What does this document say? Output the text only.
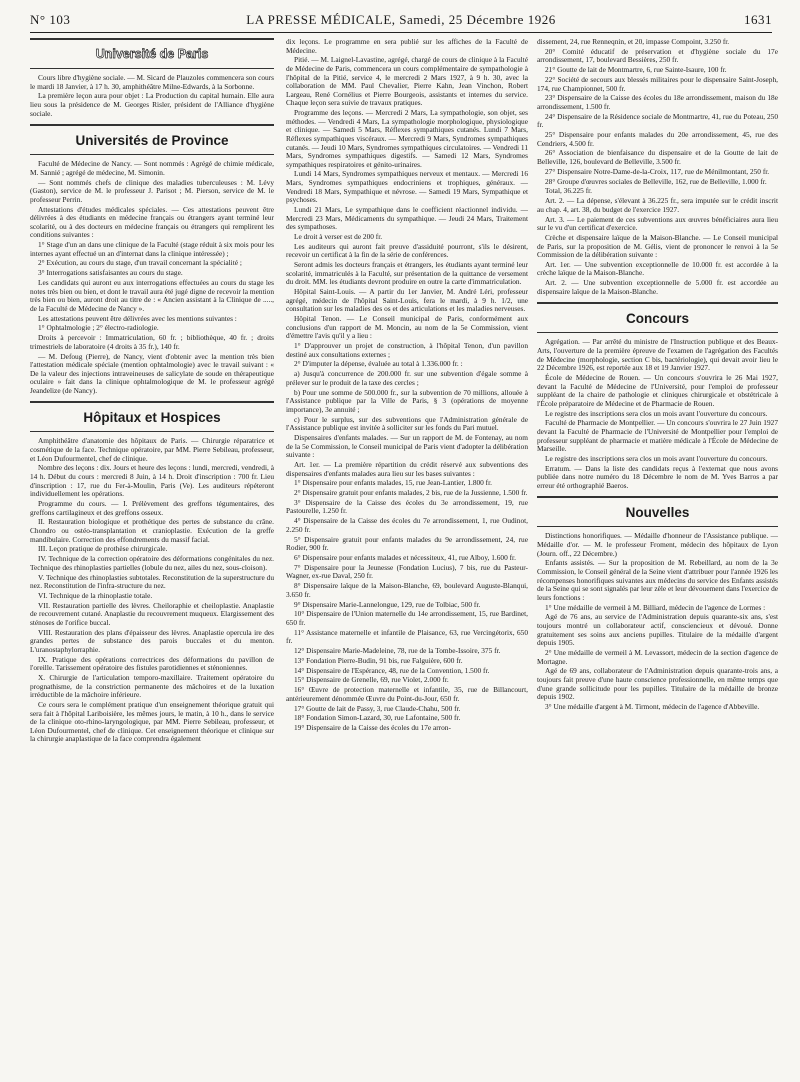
N° 103	LA PRESSE MÉDICALE, Samedi, 25 Décembre 1926	1631
Université de Paris

Cours libre d'hygiène sociale. — M. Sicard de Plauzoles commencera son cours le mardi 18 Janvier, à 17 h. 30, amphithéâtre Milne-Edwards, à la Sorbonne.

La première leçon aura pour objet : La Production du capital humain. Elle aura lieu sous la présidence de M. Georges Risler, président de l'Alliance d'hygiène sociale.

Universités de Province

Faculté de Médecine de Nancy. — Sont nommés : Agrégé de chimie médicale, M. Sannié ; agrégé de médecine, M. Simonin.

— Sont nommés chefs de clinique des maladies tuberculeuses : M. Lévy (Gaston), service de M. le professeur J. Parisot ; M. Pierson, service de M. le professeur Perrin.

Attestations d'études médicales spéciales. — Ces attestations peuvent être délivrées à des étudiants en médecine français ou étrangers ayant terminé leur scolarité, ou à des docteurs en médecine français ou étrangers qui remplirent les conditions suivantes :

1° Stage d'un an dans une clinique de la Faculté (stage réduit à six mois pour les internes ayant effectué un an d'internat dans la clinique intéressée) ;

2° Exécution, au cours du stage, d'un travail concernant la spécialité ;

3° Interrogations satisfaisantes au cours du stage.

Les candidats qui auront eu aux interrogations effectuées au cours du stage les notes très bien ou bien, et dont le travail aura été jugé digne de recevoir la mention très bien ou bien, auront droit au titre de : « Ancien assistant à la Clinique de ....., de la Faculté de Médecine de Nancy ».

Les attestations peuvent être délivrées avec les mentions suivantes :

1° Ophtalmologie ; 2° électro-radiologie.

Droits à percevoir : Immatriculation, 60 fr. ; bibliothèque, 40 fr. ; droits trimestriels de laboratoire (4 droits à 35 fr.), 140 fr.

— M. Defoug (Pierre), de Nancy, vient d'obtenir avec la mention très bien l'attestation médicale spéciale (mention ophtalmologie) avec le travail suivant : « De la valeur des injections intraveineuses de salicylate de soude en thérapeutique oculaire » fait dans la clinique ophtalmologique de M. le professeur agrégé Jeandelize (de Nancy).

Hôpitaux et Hospices

Amphithéâtre d'anatomie des hôpitaux de Paris. — Chirurgie réparatrice et cosmétique de la face. Technique opératoire, par MM. Pierre Sebileau, professeur, et Léon Dufourmentel, chef de clinique.

Nombre des leçons : dix. Jours et heure des leçons : lundi, mercredi, vendredi, à 14 h. Début du cours : mercredi 8 Juin, à 14 h. Droit d'inscription : 700 fr. Lieu d'inscription : 17, rue du Fer-à-Moulin, Paris (Ve). Les auditeurs répéteront individuellement les opérations.

Programme du cours. — I. Prélèvement des greffons tégumentaires, des greffons cartilagineux et des greffons osseux.

II. Restauration biologique et prothétique des pertes de substance du crâne. Chondro ou ostéo-transplantation et cranioplastie. Exécution de la greffe mandibulaire. Correction des effondrements du massif facial.

III. Leçon pratique de prothèse chirurgicale.

IV. Technique de la correction opératoire des déformations congénitales du nez. Technique des rhinoplasties partielles (lobule du nez, ailes du nez, sous-cloison).

V. Technique des rhinoplasties subtotales. Reconstitution de la superstructure du nez. Reconstitution de l'infra-structure du nez.

VI. Technique de la rhinoplastie totale.

VII. Restauration partielle des lèvres. Cheiloraphie et cheiloplastie. Anaplastie de recouvrement cutané. Anaplastie du recouvrement muqueux. Elargissement des sténoses de l'orifice buccal.

VIII. Restauration des plans d'épaisseur des lèvres. Anaplastie opercula ire des grandes pertes de substance des parois buccales et du menton. L'uranostaphylorraphie.

IX. Pratique des opérations correctrices des déformations du pavillon de l'oreille. Tarissement opératoire des fistules parotidiennes et sténoniennes.

X. Chirurgie de l'articulation temporo-maxillaire. Traitement opératoire du prognathisme, de la constriction permanente des mâchoires et de la luxation irréductible de la mâchoire inférieure.

Ce cours sera le complément pratique d'un enseignement théorique gratuit qui sera fait à l'hôpital Lariboisière, les mêmes jours, le matin, à 10 h., dans le service de la clinique oto-rhino-laryngologique, par MM. Pierre Sebileau, professeur, et Léon Dufourmentel, chef de clinique. Cet enseignement théorique et clinique sur la chirurgie anaplastique de la face comprendra également

dix leçons. Le programme en sera publié sur les affiches de la Faculté de Médecine.

Pitié. — M. Laignel-Lavastine, agrégé, chargé de cours de clinique à la Faculté de Médecine de Paris, commencera un cours complémentaire de sympathologie à l'hôpital de la Pitié, service 4, le mercredi 2 Mars 1927, à 9 h. 30, avec la collaboration de MM. Paul Chevalier, Pierre Kahn, Jean Vinchon, Robert Largeau, René Cornélius et Pierre Bourgeois, assistants et internes du service. Chaque leçon sera suivie de travaux pratiques.

Programme des leçons. — Mercredi 2 Mars, La sympathologie, son objet, ses méthodes. — Vendredi 4 Mars, La sympathologie morphologique, physiologique et clinique. — Samedi 5 Mars, Réflexes sympathiques cutanés. Lundi 7 Mars, Réflexes sympathiques viscéraux. — Mercredi 9 Mars, Syndromes sympathiques cutanés. — Jeudi 10 Mars, Syndromes sympathiques circulatoires. — Vendredi 11 Mars, Syndromes sympathiques digestifs. — Samedi 12 Mars, Syndromes sympathiques respiratoires et génito-urinaires.

Lundi 14 Mars, Syndromes sympathiques nerveux et mentaux. — Mercredi 16 Mars, Syndromes sympathiques endocriniens et trophiques, généraux. — Vendredi 18 Mars, Sympathique et névrose. — Samedi 19 Mars, Sympathique et psychoses.

Lundi 21 Mars, Le sympathique dans le coefficient réactionnel individu. — Mercredi 23 Mars, Médicaments du sympathique. — Jeudi 24 Mars, Traitement des sympathoses.

Le droit à verser est de 200 fr.

Les auditeurs qui auront fait preuve d'assiduité pourront, s'ils le désirent, recevoir un certificat à la fin de la série de conférences.

Seront admis les docteurs français et étrangers, les étudiants ayant terminé leur scolarité, immatriculés à la Faculté, sur présentation de la quittance de versement du droit. MM. les étudiants devront produire en outre la carte d'immatriculation.

Hôpital Saint-Louis. — A partir du 1er Janvier, M. André Léri, professeur agrégé, médecin de l'hôpital Saint-Louis, fera le mardi, à 9 h. 1/2, une consultation sur les maladies des os et des articulations et les maladies nerveuses.

Hôpital Tenon. — Le Conseil municipal de Paris, conformément aux conclusions d'un rapport de M. Moncin, au nom de la 5e Commission, vient d'émettre l'avis qu'il y a lieu :

1° D'approuver un projet de construction, à l'hôpital Tenon, d'un pavillon destiné aux consultations externes ;

2° D'imputer la dépense, évaluée au total à 1.336.000 fr. :

a) Jusqu'à concurrence de 200.000 fr. sur une subvention d'égale somme à prélever sur le produit de la taxe des cercles ;

b) Pour une somme de 500.000 fr., sur la subvention de 70 millions, allouée à l'Assistance publique par la Ville de Paris, § 3 (opérations de moyenne importance), 3e annuité ;

c) Pour le surplus, sur des subventions que l'Administration générale de l'Assistance publique est invitée à solliciter sur les fonds du Pari mutuel.

Dispensaires d'enfants malades. — Sur un rapport de M. de Fontenay, au nom de la 5e Commission, le Conseil municipal de Paris vient d'adopter la délibération suivante :

Art. 1er. — La première répartition du crédit réservé aux subventions des dispensaires d'enfants malades aura lieu sur les bases suivantes :

1° Dispensaire pour enfants malades, 15, rue Jean-Lantier, 1.800 fr.

2° Dispensaire gratuit pour enfants malades, 2 bis, rue de la Jussienne, 1.500 fr.

3° Dispensaire de la Caisse des écoles du 3e arrondissement, 19, rue Pastourelle, 1.250 fr.

4° Dispensaire de la Caisse des écoles du 7e arrondissement, 1, rue Oudinot, 2.250 fr.

5° Dispensaire gratuit pour enfants malades du 9e arrondissement, 24, rue Rodier, 900 fr.

6° Dispensaire pour enfants malades et nécessiteux, 41, rue Alboy, 1.600 fr.

7° Dispensaire pour la Jeunesse (Fondation Lucius), 7 bis, rue du Pasteur-Wagner, ex-rue Daval, 250 fr.

8° Dispensaire laïque de la Maison-Blanche, 69, boulevard Auguste-Blanqui, 3.650 fr.

9° Dispensaire Marie-Lannelongue, 129, rue de Tolbiac, 500 fr.

10° Dispensaire de l'Union maternelle du 14e arrondissement, 15, rue Bardinet, 650 fr.

11° Assistance maternelle et infantile de Plaisance, 63, rue Vercingétorix, 650 fr.

12° Dispensaire Marie-Madeleine, 78, rue de la Tombe-Issoire, 375 fr.

13° Fondation Pierre-Budin, 91 bis, rue Falguière, 600 fr.

14° Dispensaire de l'Espérance, 48, rue de la Convention, 1.500 fr.

15° Dispensaire de Grenelle, 69, rue Violet, 2.000 fr.

16° Œuvre de protection maternelle et infantile, 35, rue de Billancourt, antérieurement dénommée Œuvre du Point-du-Jour, 650 fr.

17° Goutte de lait de Passy, 3, rue Claude-Chahu, 500 fr.

18° Fondation Simon-Lazard, 30, rue Lafontaine, 500 fr.

19° Dispensaire de la Caisse des écoles du 17e arron-

dissement, 24, rue Renneqnin, et 20, impasse Compoint, 3.250 fr.

20° Comité éducatif de préservation et d'hygiène sociale du 17e arrondissement, 17, boulevard Bessières, 250 fr.

21° Goutte de lait de Montmartre, 6, rue Sainte-Isaure, 100 fr.

22° Société de secours aux blessés militaires pour le dispensaire Saint-Joseph, 174, rue Championnet, 500 fr.

23° Dispensaire de la Caisse des écoles du 18e arrondissement, maison du 18e arrondissement, 1.500 fr.

24° Dispensaire de la Résidence sociale de Montmartre, 41, rue du Poteau, 250 fr.

25° Dispensaire pour enfants malades du 20e arrondissement, 45, rue des Cendriers, 4.500 fr.

26° Association de bienfaisance du dispensaire et de la Goutte de lait de Belleville, 126, boulevard de Belleville, 3.500 fr.

27° Dispensaire Notre-Dame-de-la-Croix, 117, rue de Ménilmontant, 250 fr.

28° Groupe d'œuvres sociales de Belleville, 162, rue de Belleville, 1.000 fr.

Total, 36.225 fr.

Art. 2. — La dépense, s'élevant à 36.225 fr., sera imputée sur le crédit inscrit au chap. 4, art. 38, du budget de l'exercice 1927.

Art. 3. — Le paiement de ces subventions aux œuvres bénéficiaires aura lieu sur le vu d'un certificat d'exercice.

Crèche et dispensaire laïque de la Maison-Blanche. — Le Conseil municipal de Paris, sur la proposition de M. Gélis, vient de prononcer le renvoi à la 5e Commission de la délibération suivante :

Art. 1er. — Une subvention exceptionnelle de 10.000 fr. est accordée à la crèche laïque de la Maison-Blanche.

Art. 2. — Une subvention exceptionnelle de 5.000 fr. est accordée au dispensaire laïque de la Maison-Blanche.

Concours

Agrégation. — Par arrêté du ministre de l'Instruction publique et des Beaux-Arts, l'ouverture de la première épreuve de l'examen de l'agrégation des Facultés de Médecine (morphologie, section C bis, bactériologie), qui devait avoir lieu le 22 Décembre 1926, est reportée aux 18 et 19 Janvier 1927.

École de Médecine de Rouen. — Un concours s'ouvrira le 26 Mai 1927, devant la Faculté de Médecine de l'Université, pour l'emploi de professeur suppléant de la chaire de pathologie et cliniques chirurgicale et obstétricale à l'École préparatoire de Médecine et de Pharmacie de Rouen.

Le registre des inscriptions sera clos un mois avant l'ouverture du concours.

Faculté de Pharmacie de Montpellier. — Un concours s'ouvrira le 27 Juin 1927 devant la Faculté de Pharmacie de l'Université de Montpellier pour l'emploi de professeur suppléant de pharmacie et matière médicale à l'École de Médecine de Marseille.

Le registre des inscriptions sera clos un mois avant l'ouverture du concours.

Erratum. — Dans la liste des candidats reçus à l'externat que nous avons publiée dans notre numéro du 18 Décembre le nom de M. Yves Barros a par erreur été orthographié Baeros.

Nouvelles

Distinctions honorifiques. — Médaille d'honneur de l'Assistance publique. — Médaille d'or. — M. le professeur Froment, médecin des hôpitaux de Lyon (Journ. off., 22 Décembre.)

Enfants assistés. — Sur la proposition de M. Rebeillard, au nom de la 3e Commission, le Conseil général de la Seine vient d'attribuer pour l'année 1926 les récompenses honorifiques suivantes aux médecins du service des Enfants assistés de la Seine qui se sont signalés par leur zèle et leur dévouement dans l'exercice de leurs fonctions :

1° Une médaille de vermeil à M. Billiard, médecin de l'agence de Lormes :

Agé de 76 ans, au service de l'Administration depuis quarante-six ans, s'est toujours montré un collaborateur actif, consciencieux et dévoué. Donne gratuitement ses soins aux anciens pupilles. Titulaire de la médaille d'argent depuis 1905.

2° Une médaille de vermeil à M. Levassort, médecin de la section d'agence de Mortagne.

Agé de 69 ans, collaborateur de l'Administration depuis quarante-trois ans, a toujours fait preuve d'une haute conscience professionnelle, en même temps que d'une grande sollicitude pour les pupilles. Titulaire de la médaille de bronze depuis 1902.

3° Une médaille d'argent à M. Tirmont, médecin de l'agence d'Abbeville.
